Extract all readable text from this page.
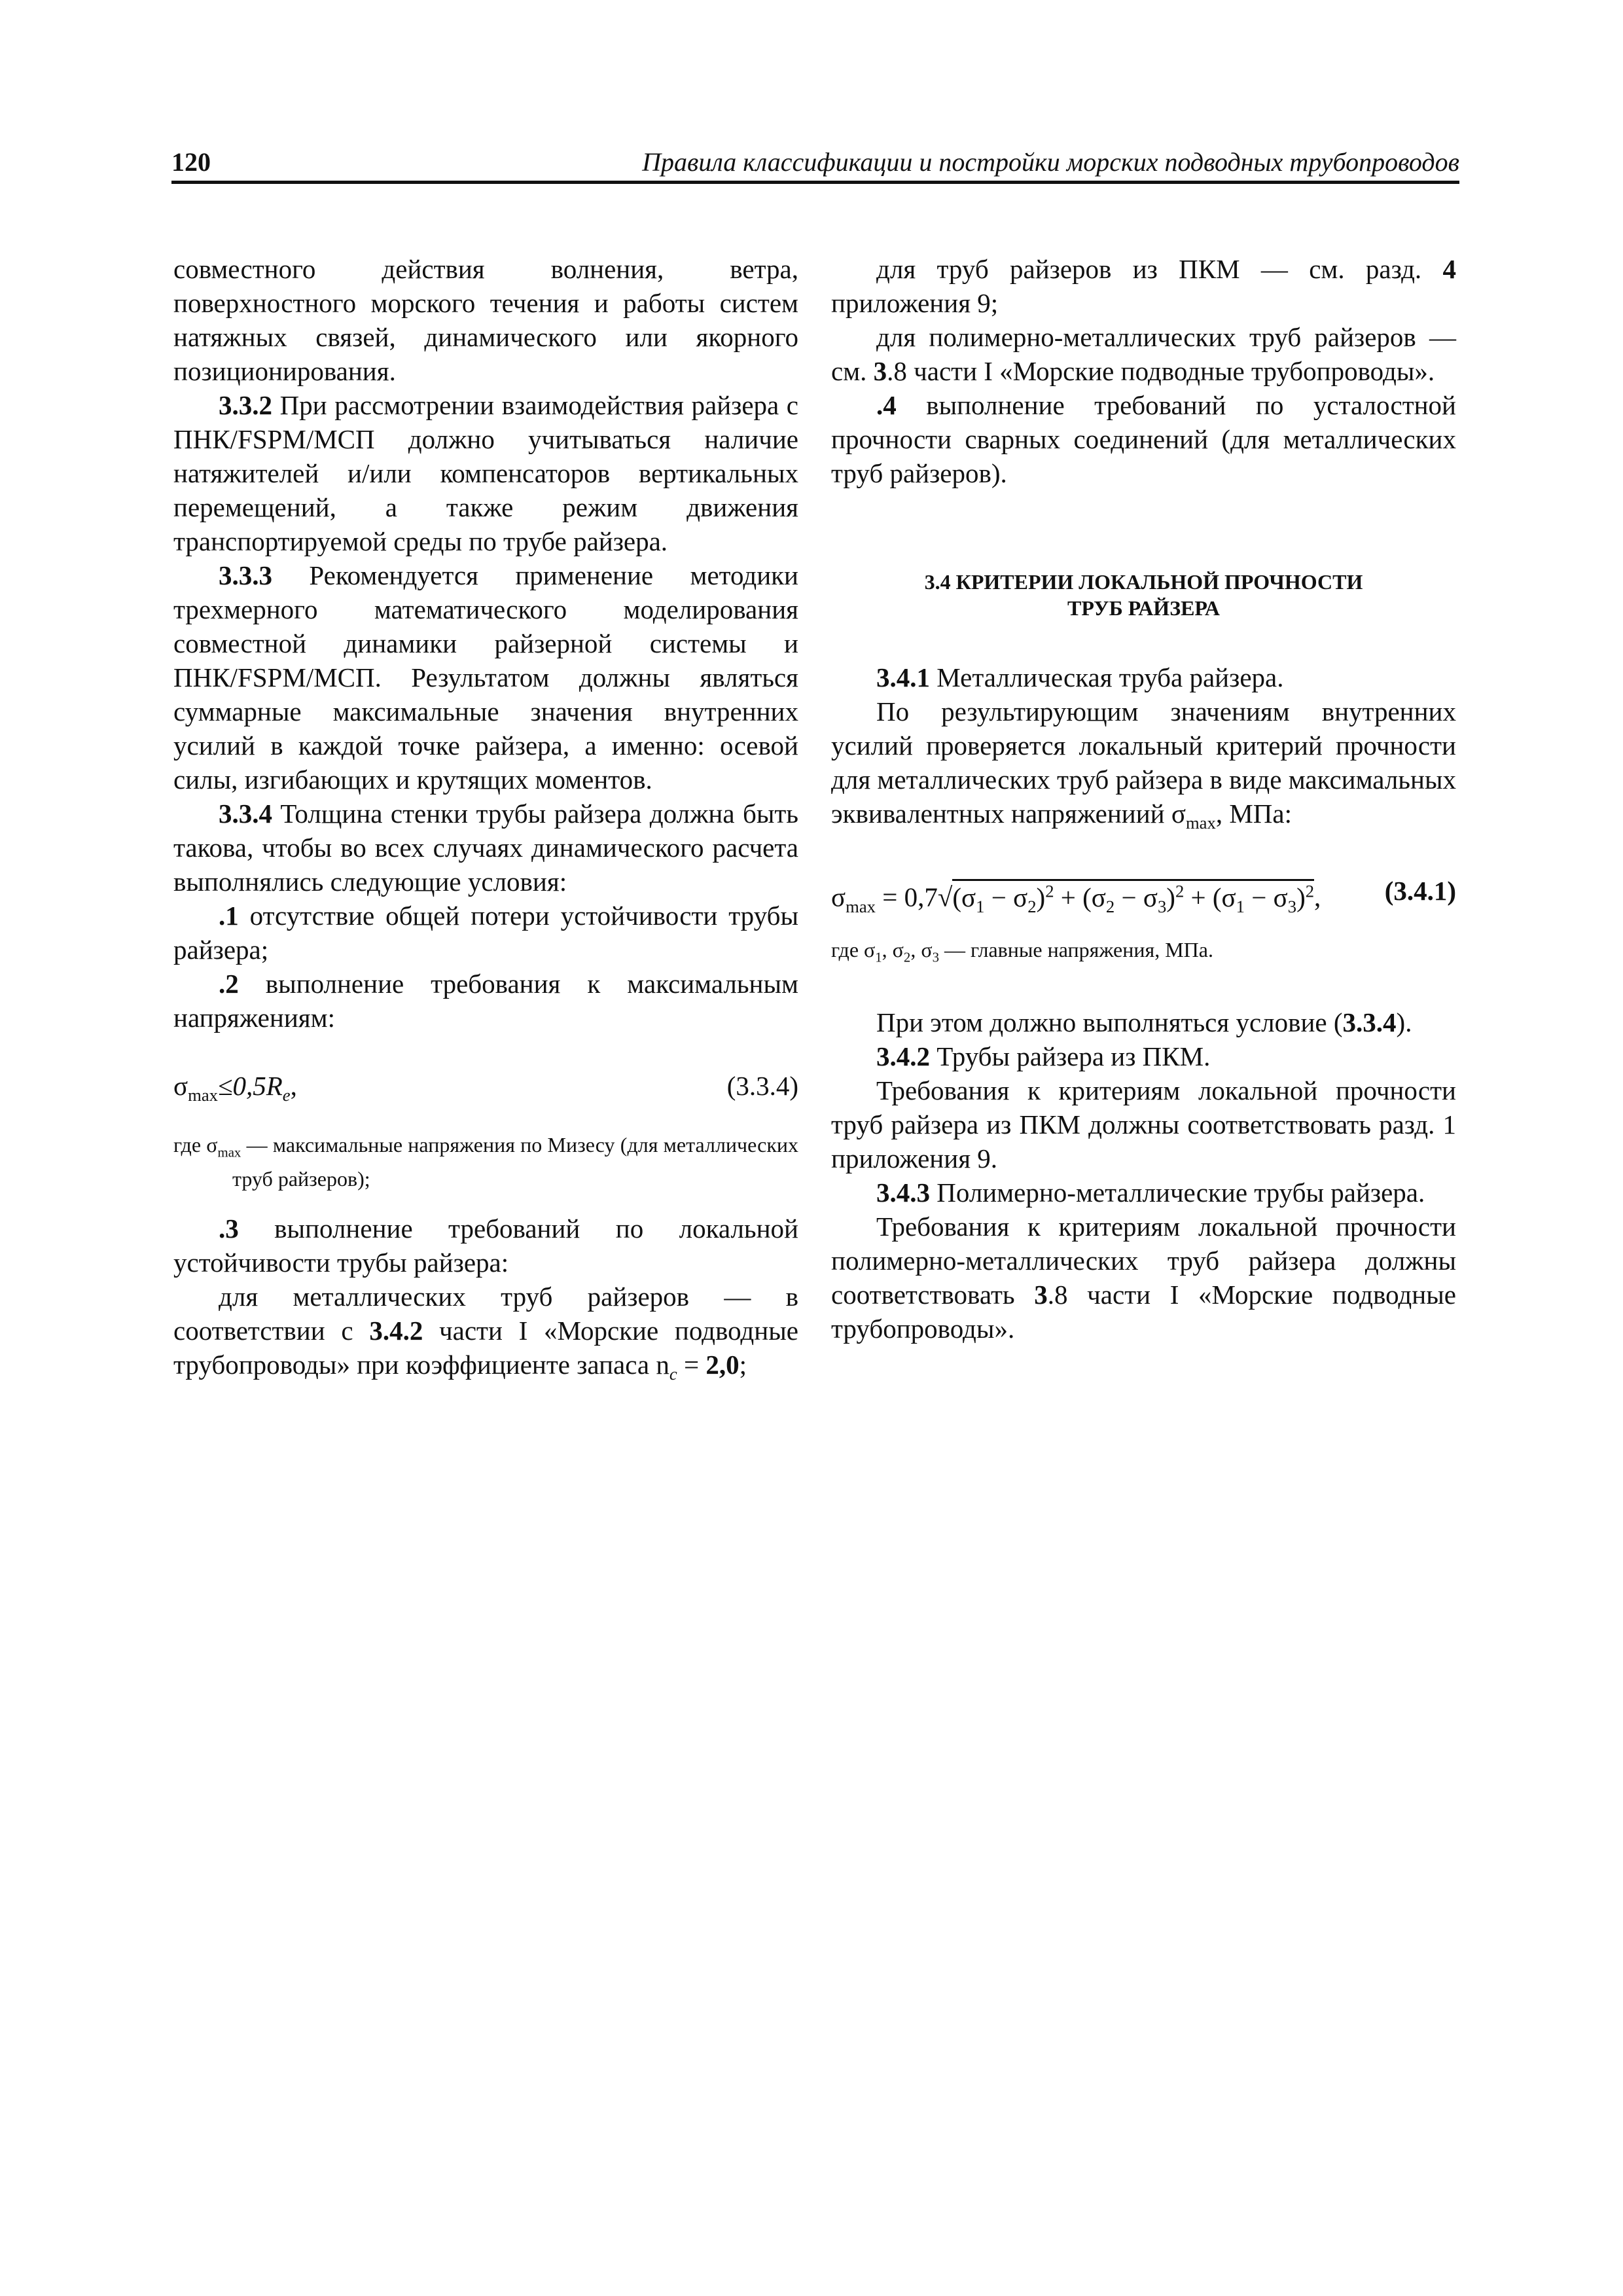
120	Правила классификации и постройки морских подводных трубопроводов

совместного действия волнения, ветра, поверхностного морского течения и работы систем натяжных связей, динамического или якорного позиционирования.

3.3.2 При рассмотрении взаимодействия райзера с ПНК/FSPM/МСП должно учитываться наличие натяжителей и/или компенсаторов вертикальных перемещений, а также режим движения транспортируемой среды по трубе райзера.

3.3.3 Рекомендуется применение методики трехмерного математического моделирования совместной динамики райзерной системы и ПНК/FSPM/МСП. Результатом должны являться суммарные максимальные значения внутренних усилий в каждой точке райзера, а именно: осевой силы, изгибающих и крутящих моментов.

3.3.4 Толщина стенки трубы райзера должна быть такова, чтобы во всех случаях динамического расчета выполнялись следующие условия:

.1 отсутствие общей потери устойчивости трубы райзера;

.2 выполнение требования к максимальным напряжениям:

$\sigma_{max}\le 0,5R_e$,	(3.3.4)
где $\sigma_{max}$ — максимальные напряжения по Мизесу (для металлических труб райзеров);

.3 выполнение требований по локальной устойчивости трубы райзера:

для металлических труб райзеров — в соответствии с 3.4.2 части I «Морские подводные трубопроводы» при коэффициенте запаса $n_c = 2,0$;

для труб райзеров из ПКМ — см. разд. 4 приложения 9;

для полимерно-металлических труб райзеров — см. 3.8 части I «Морские подводные трубопроводы».

.4 выполнение требований по усталостной прочности сварных соединений (для металлических труб райзеров).

3.4 КРИТЕРИИ ЛОКАЛЬНОЙ ПРОЧНОСТИ
ТРУБ РАЙЗЕРА

3.4.1 Металлическая труба райзера.

По результирующим значениям внутренних усилий проверяется локальный критерий прочности для металлических труб райзера в виде максимальных эквивалентных напряжениий $\sigma_{max}$, МПа:

$\sigma_{max} = 0,7√(\sigma_1 - \sigma_2)^2 + (\sigma_2 - \sigma_3)^2 + (\sigma_1 - \sigma_3)^2$, (3.4.1)
где $\sigma_1$, $\sigma_2$, $\sigma_3$ — главные напряжения, МПа.

При этом должно выполняться условие (3.3.4).

3.4.2 Трубы райзера из ПКМ.

Требования к критериям локальной прочности труб райзера из ПКМ должны соответствовать разд. 1 приложения 9.

3.4.3 Полимерно-металлические трубы райзера.

Требования к критериям локальной прочности полимерно-металлических труб райзера должны соответствовать 3.8 части I «Морские подводные трубопроводы».
